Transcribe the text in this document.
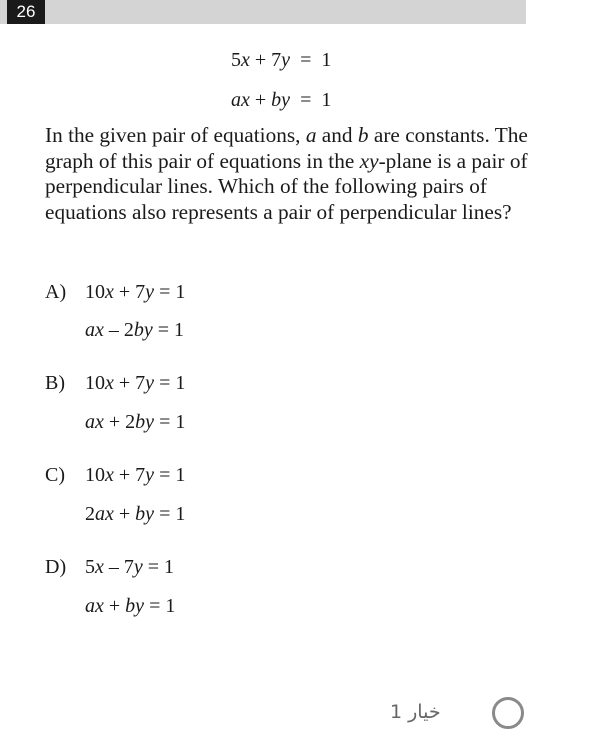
26
5x + 7y  =  1
ax + by  =  1

In the given pair of equations, a and b are constants. The graph of this pair of equations in the xy-plane is a pair of perpendicular lines. Which of the following pairs of equations also represents a pair of perpendicular lines?

A) 10x + 7y = 1
ax – 2by = 1
B) 10x + 7y = 1
ax + 2by = 1
C) 10x + 7y = 1
2ax + by = 1
D) 5x – 7y = 1
ax + by = 1
خيار 1
